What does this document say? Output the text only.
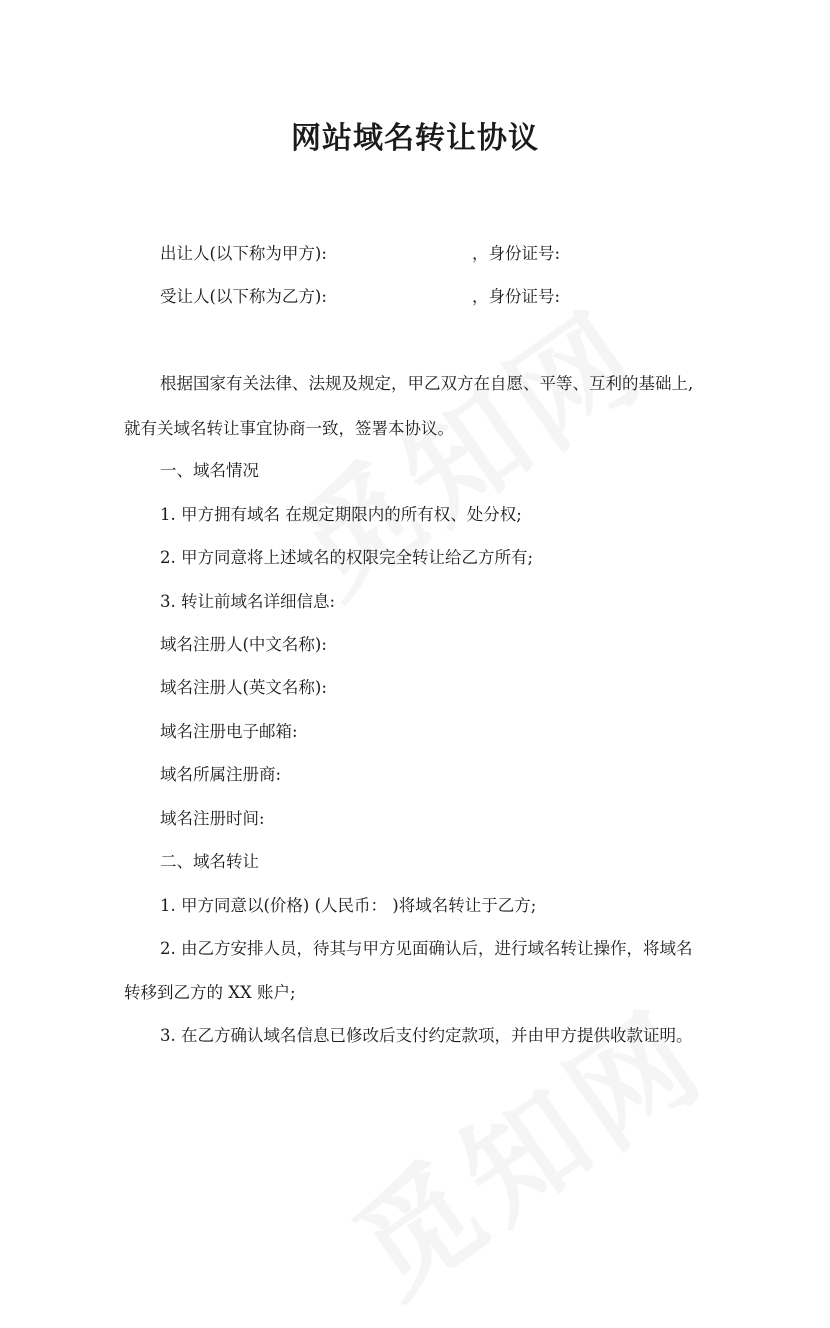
网站域名转让协议

出让人(以下称为甲方):	，身份证号:

受让人(以下称为乙方):	，身份证号:

根据国家有关法律、法规及规定，甲乙双方在自愿、平等、互利的基础上,

就有关域名转让事宜协商一致，签署本协议。

一、域名情况

1. 甲方拥有域名 在规定期限内的所有权、处分权;

2. 甲方同意将上述域名的权限完全转让给乙方所有;

3. 转让前域名详细信息:

域名注册人(中文名称):

域名注册人(英文名称):

域名注册电子邮箱:

域名所属注册商:

域名注册时间:

二、域名转让

1. 甲方同意以(价格) (人民币： )将域名转让于乙方;

2. 由乙方安排人员，待其与甲方见面确认后，进行域名转让操作，将域名

转移到乙方的 XX 账户;

3. 在乙方确认域名信息已修改后支付约定款项，并由甲方提供收款证明。
